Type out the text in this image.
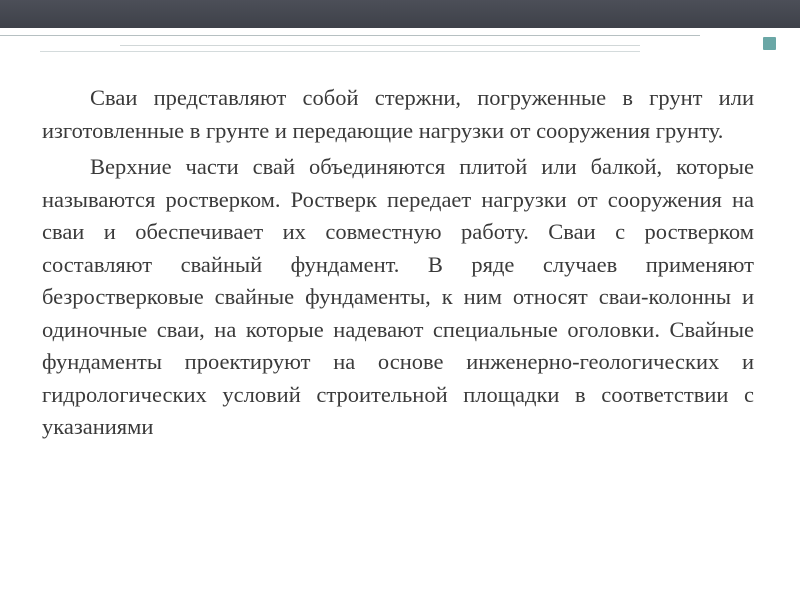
Сваи представляют собой стержни, погруженные в грунт или изготовленные в грунте и передающие нагрузки от сооружения грунту.

Верхние части свай объединяются плитой или балкой, которые называются ростверком. Ростверк передает нагрузки от сооружения на сваи и обеспечивает их совместную работу. Сваи с ростверком составляют свайный фундамент. В ряде случаев применяют безростверковые свайные фундаменты, к ним относят сваи-колонны и одиночные сваи, на которые надевают специальные оголовки. Свайные фундаменты проектируют на основе инженерно-геологических и гидрологических условий строительной площадки в соответствии с указаниями
